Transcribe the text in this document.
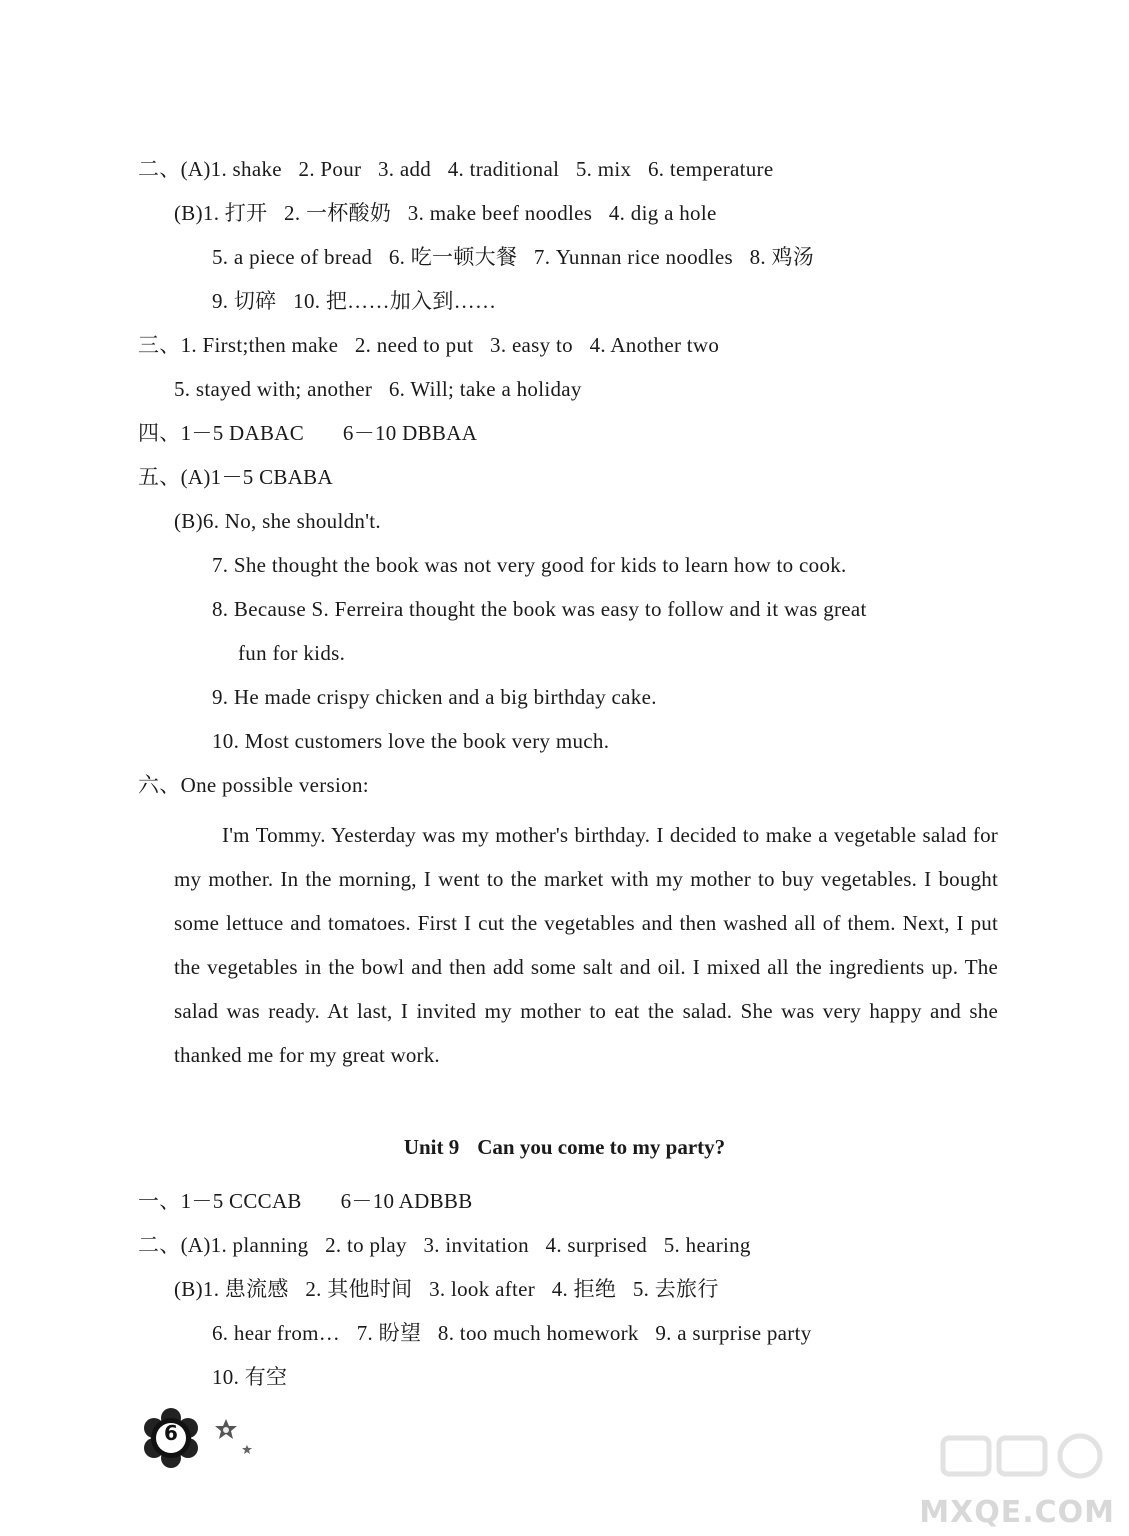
二、(A)1. shake   2. Pour   3. add   4. traditional   5. mix   6. temperature
(B)1. 打开   2. 一杯酸奶   3. make beef noodles   4. dig a hole
5. a piece of bread   6. 吃一顿大餐   7. Yunnan rice noodles   8. 鸡汤
9. 切碎   10. 把……加入到……
三、1. First;then make   2. need to put   3. easy to   4. Another two
5. stayed with; another   6. Will; take a holiday
四、1－5 DABAC       6－10 DBBAA
五、(A)1－5 CBABA
(B)6. No, she shouldn't.
7. She thought the book was not very good for kids to learn how to cook.
8. Because S. Ferreira thought the book was easy to follow and it was great
fun for kids.
9. He made crispy chicken and a big birthday cake.
10. Most customers love the book very much.
六、One possible version:
I'm Tommy. Yesterday was my mother's birthday. I decided to make a vegetable salad for my mother. In the morning, I went to the market with my mother to buy vegetables. I bought some lettuce and tomatoes. First I cut the vegetables and then washed all of them. Next, I put the vegetables in the bowl and then add some salt and oil. I mixed all the ingredients up. The salad was ready. At last, I invited my mother to eat the salad. She was very happy and she thanked me for my great work.
Unit 9 Can you come to my party?
一、1－5 CCCAB       6－10 ADBBB
二、(A)1. planning   2. to play   3. invitation   4. surprised   5. hearing
(B)1. 患流感   2. 其他时间   3. look after   4. 拒绝   5. 去旅行
6. hear from…   7. 盼望   8. too much homework   9. a surprise party
10. 有空
6
MXQE.COM
